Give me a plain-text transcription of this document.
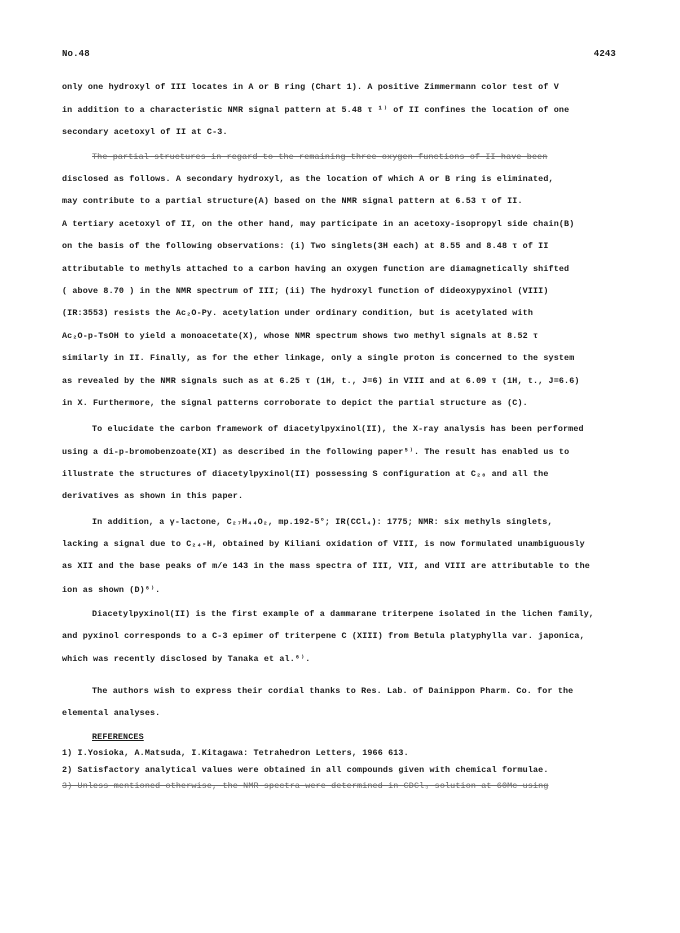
No.48	4243
only one hydroxyl of III locates in A or B ring (Chart 1). A positive Zimmermann color test of V
in addition to a characteristic NMR signal pattern at 5.48 τ ¹⁾ of II confines the location of one
secondary acetoxyl of II at C-3.
The partial structures in regard to the remaining three oxygen functions of II have been
disclosed as follows. A secondary hydroxyl, as the location of which A or B ring is eliminated,
may contribute to a partial structure(A) based on the NMR signal pattern at 6.53 τ of II.
A tertiary acetoxyl of II, on the other hand, may participate in an acetoxy-isopropyl side chain(B)
on the basis of the following observations: (i) Two singlets(3H each) at 8.55 and 8.48 τ of II
attributable to methyls attached to a carbon having an oxygen function are diamagnetically shifted
( above 8.70 ) in the NMR spectrum of III; (ii) The hydroxyl function of dideoxypyxinol (VIII)
(IR:3553) resists the Ac₂O-Py. acetylation under ordinary condition, but is acetylated with
Ac₂O-p-TsOH to yield a monoacetate(X), whose NMR spectrum shows two methyl signals at 8.52 τ
similarly in II. Finally, as for the ether linkage, only a single proton is concerned to the system
as revealed by the NMR signals such as at 6.25 τ (1H, t., J=6) in VIII and at 6.09 τ (1H, t., J=6.6)
in X. Furthermore, the signal patterns corroborate to depict the partial structure as (C).
To elucidate the carbon framework of diacetylpyxinol(II), the X-ray analysis has been performed
using a di-p-bromobenzoate(XI) as described in the following paper⁵⁾. The result has enabled us to
illustrate the structures of diacetylpyxinol(II) possessing S configuration at C₂₀ and all the
derivatives as shown in this paper.
In addition, a γ-lactone, C₂₇H₄₄O₂, mp.192-5°; IR(CCl₄): 1775; NMR: six methyls singlets,
lacking a signal due to C₂₄-H, obtained by Kiliani oxidation of VIII, is now formulated unambiguously
as XII and the base peaks of m/e 143 in the mass spectra of III, VII, and VIII are attributable to the
ion as shown (D)⁶⁾.
Diacetylpyxinol(II) is the first example of a dammarane triterpene isolated in the lichen family,
and pyxinol corresponds to a C-3 epimer of triterpene C (XIII) from Betula platyphylla var. japonica,
which was recently disclosed by Tanaka et al.⁶⁾.
The authors wish to express their cordial thanks to Res. Lab. of Dainippon Pharm. Co. for the
elemental analyses.
REFERENCES
1) I.Yosioka, A.Matsuda, I.Kitagawa: Tetrahedron Letters, 1966 613.
2) Satisfactory analytical values were obtained in all compounds given with chemical formulae.
3) Unless mentioned otherwise, the NMR spectra were determined in CDCl₃ solution at 60Mc using
